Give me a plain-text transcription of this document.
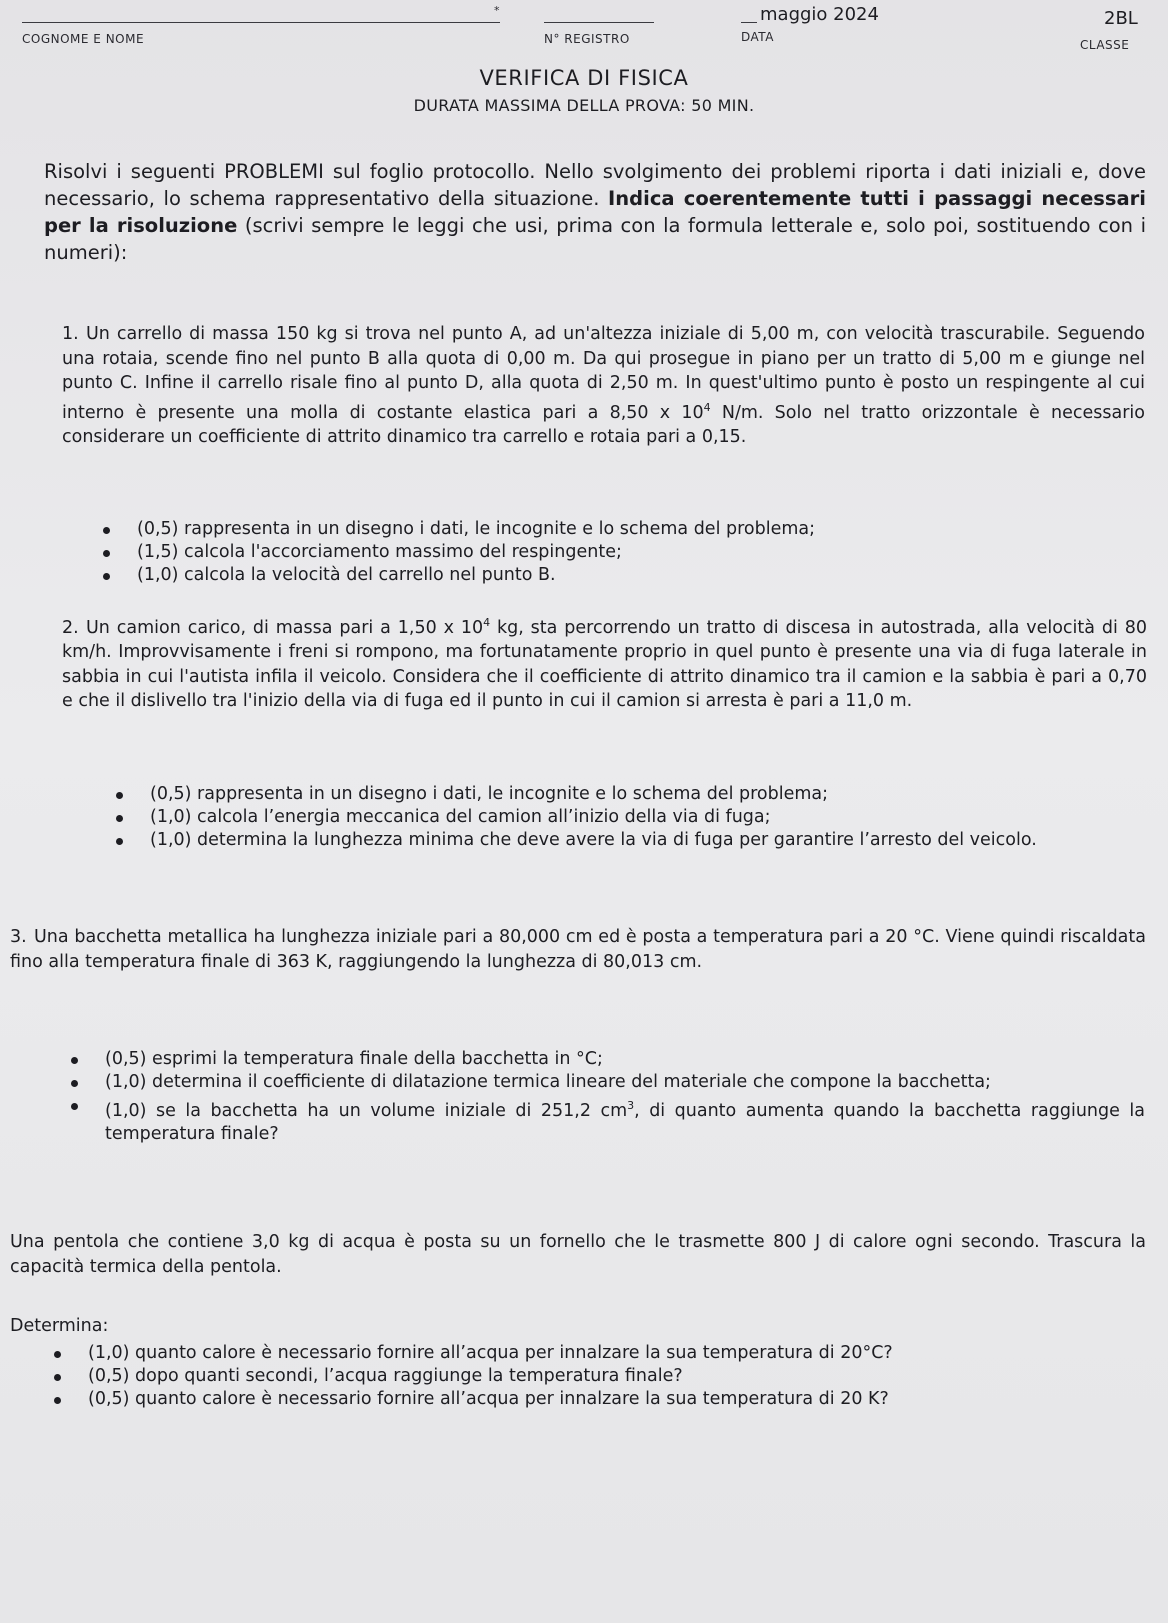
COGNOME E NOME
*
N° REGISTRO
maggio 2024
DATA
2BL
CLASSE
VERIFICA DI FISICA
DURATA MASSIMA DELLA PROVA: 50 MIN.
Risolvi i seguenti PROBLEMI sul foglio protocollo. Nello svolgimento dei problemi riporta i dati iniziali e, dove necessario, lo schema rappresentativo della situazione. Indica coerentemente tutti i passaggi necessari per la risoluzione (scrivi sempre le leggi che usi, prima con la formula letterale e, solo poi, sostituendo con i numeri):
1. Un carrello di massa 150 kg si trova nel punto A, ad un'altezza iniziale di 5,00 m, con velocità trascurabile. Seguendo una rotaia, scende fino nel punto B alla quota di 0,00 m. Da qui prosegue in piano per un tratto di 5,00 m e giunge nel punto C. Infine il carrello risale fino al punto D, alla quota di 2,50 m. In quest'ultimo punto è posto un respingente al cui interno è presente una molla di costante elastica pari a 8,50 x $10^4$ N/m. Solo nel tratto orizzontale è necessario considerare un coefficiente di attrito dinamico tra carrello e rotaia pari a 0,15.
(0,5) rappresenta in un disegno i dati, le incognite e lo schema del problema;
(1,5) calcola l'accorciamento massimo del respingente;
(1,0) calcola la velocità del carrello nel punto B.
2. Un camion carico, di massa pari a 1,50 x $10^4$ kg, sta percorrendo un tratto di discesa in autostrada, alla velocità di 80 km/h. Improvvisamente i freni si rompono, ma fortunatamente proprio in quel punto è presente una via di fuga laterale in sabbia in cui l'autista infila il veicolo. Considera che il coefficiente di attrito dinamico tra il camion e la sabbia è pari a 0,70 e che il dislivello tra l'inizio della via di fuga ed il punto in cui il camion si arresta è pari a 11,0 m.
(0,5) rappresenta in un disegno i dati, le incognite e lo schema del problema;
(1,0) calcola l’energia meccanica del camion all’inizio della via di fuga;
(1,0) determina la lunghezza minima che deve avere la via di fuga per garantire l’arresto del veicolo.
3. Una bacchetta metallica ha lunghezza iniziale pari a 80,000 cm ed è posta a temperatura pari a 20 °C. Viene quindi riscaldata fino alla temperatura finale di 363 K, raggiungendo la lunghezza di 80,013 cm.
(0,5) esprimi la temperatura finale della bacchetta in °C;
(1,0) determina il coefficiente di dilatazione termica lineare del materiale che compone la bacchetta;
(1,0) se la bacchetta ha un volume iniziale di 251,2 $cm^3$, di quanto aumenta quando la bacchetta raggiunge la temperatura finale?
Una pentola che contiene 3,0 kg di acqua è posta su un fornello che le trasmette 800 J di calore ogni secondo. Trascura la capacità termica della pentola.
Determina:
(1,0) quanto calore è necessario fornire all’acqua per innalzare la sua temperatura di 20°C?
(0,5) dopo quanti secondi, l’acqua raggiunge la temperatura finale?
(0,5) quanto calore è necessario fornire all’acqua per innalzare la sua temperatura di 20 K?
